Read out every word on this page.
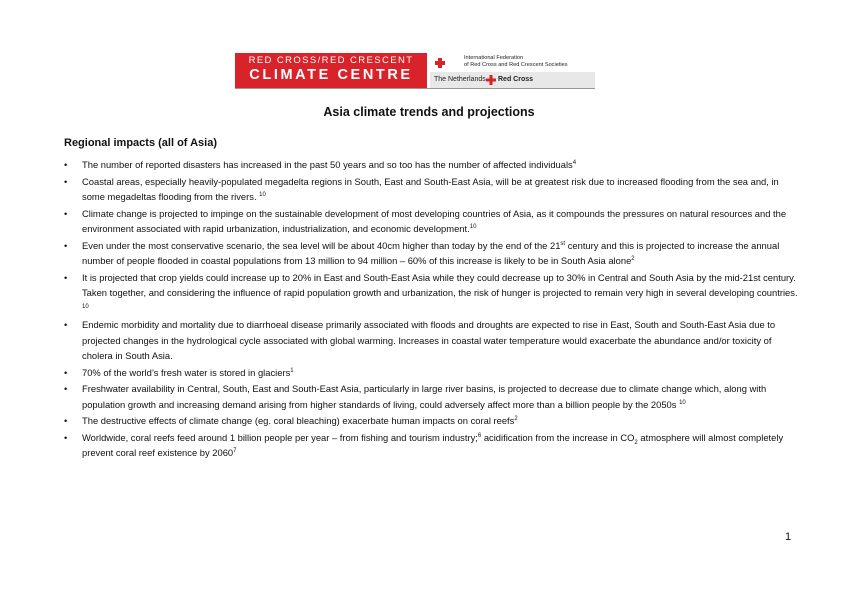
RED CROSS/RED CRESCENT
CLIMATE CENTRE
International Federation
of Red Cross and Red Crescent Societies
The Netherlands Red Cross
Asia climate trends and projections
Regional impacts (all of Asia)
• The number of reported disasters has increased in the past 50 years and so too has the number of affected individuals$^4$
• Coastal areas, especially heavily-populated megadelta regions in South, East and South-East Asia, will be at greatest risk due to increased flooding from the sea and, in some megadeltas flooding from the rivers. $^{10}$
• Climate change is projected to impinge on the sustainable development of most developing countries of Asia, as it compounds the pressures on natural resources and the environment associated with rapid urbanization, industrialization, and economic development.$^{10}$
• Even under the most conservative scenario, the sea level will be about 40cm higher than today by the end of the 21st century and this is projected to increase the annual number of people flooded in coastal populations from 13 million to 94 million – 60% of this increase is likely to be in South Asia alone$^2$
• It is projected that crop yields could increase up to 20% in East and South-East Asia while they could decrease up to 30% in Central and South Asia by the mid-21st century. Taken together, and considering the influence of rapid population growth and urbanization, the risk of hunger is projected to remain very high in several developing countries. $^{10}$
• Endemic morbidity and mortality due to diarrhoeal disease primarily associated with floods and droughts are expected to rise in East, South and South-East Asia due to projected changes in the hydrological cycle associated with global warming. Increases in coastal water temperature would exacerbate the abundance and/or toxicity of cholera in South Asia.
• 70% of the world’s fresh water is stored in glaciers$^1$
• Freshwater availability in Central, South, East and South-East Asia, particularly in large river basins, is projected to decrease due to climate change which, along with population growth and increasing demand arising from higher standards of living, could adversely affect more than a billion people by the 2050s $^{10}$
• The destructive effects of climate change (eg. coral bleaching) exacerbate human impacts on coral reefs$^2$
• Worldwide, coral reefs feed around 1 billion people per year – from fishing and tourism industry;$^6$ acidification from the increase in $CO_2$ atmosphere will almost completely prevent coral reef existence by 2060$^7$
1
